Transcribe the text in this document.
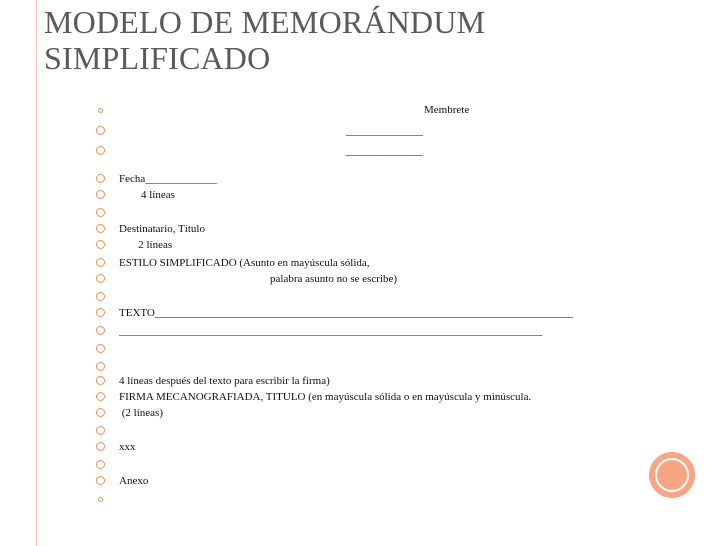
MODELO DE MEMORÁNDUM
SIMPLIFICADO
Membrete
______________
______________
Fecha_____________
4 líneas
Destinatario, Título
2 líneas
ESTILO SIMPLIFICADO (Asunto en mayúscula sólida,
palabra asunto no se escribe)
TEXTO____________________________________________________________________________
_____________________________________________________________________________
4 líneas después del texto para escribir la firma)
FIRMA MECANOGRAFIADA, TITULO (en mayúscula sólida o en mayúscula y minúscula.
(2 líneas)
xxx
Anexo
